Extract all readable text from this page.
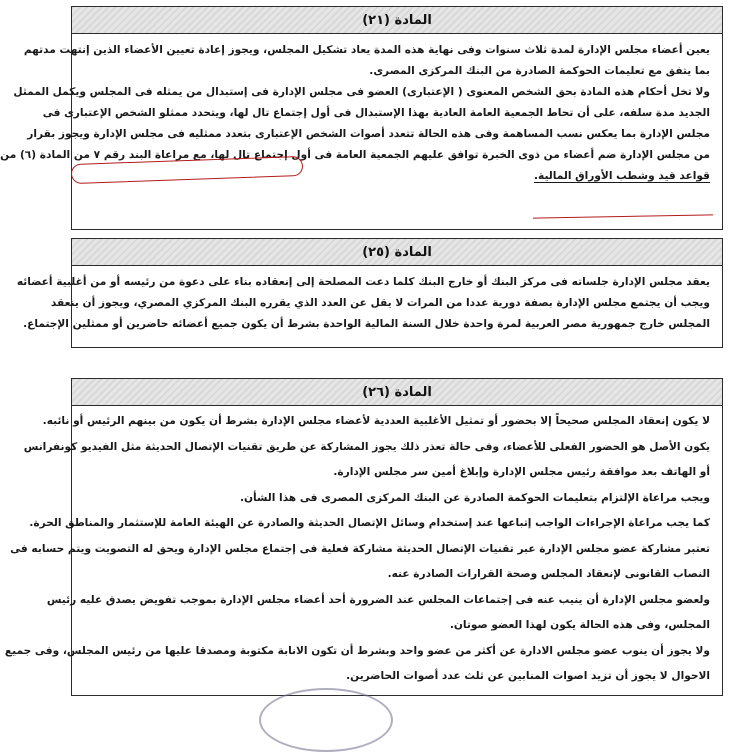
المادة (٢١)
يعين أعضاء مجلس الإدارة لمدة ثلاث سنوات وفى نهاية هذه المدة يعاد تشكيل المجلس، ويجوز إعادة تعيين الأعضاء الذين إنتهت مدتهم
بما يتفق مع تعليمات الحوكمة الصادرة من البنك المركزى المصرى.
ولا تخل أحكام هذه المادة بحق الشخص المعنوى ( الإعتبارى) العضو فى مجلس الإدارة فى إستبدال من يمثله فى المجلس ويكمل الممثل
الجديد مدة سلفه، على أن تحاط الجمعية العامة العادية بهذا الإستبدال فى أول إجتماع تال لها، ويتحدد ممثلو الشخص الإعتبارى فى
مجلس الإدارة بما يعكس نسب المساهمة وفى هذه الحالة تتعدد أصوات الشخص الإعتبارى بتعدد ممثليه فى مجلس الإدارة ويجوز بقرار
من مجلس الإدارة ضم أعضاء من ذوى الخبرة توافق عليهم الجمعية العامة فى أول إجتماع تال لها، مع مراعاة البند رقم ٧ من المادة (٦) من
قواعد قيد وشطب الأوراق المالية.
المادة (٢٥)
يعقد مجلس الإدارة جلساته فى مركز البنك أو خارج البنك كلما دعت المصلحة إلى إنعقاده بناء على دعوة من رئيسه أو من أغلبية أعضائه
ويجب أن يجتمع مجلس الإدارة بصفة دورية عددا من المرات لا يقل عن العدد الذي يقرره البنك المركزي المصري، ويجوز أن ينعقد
المجلس خارج جمهورية مصر العربية لمرة واحدة خلال السنة المالية الواحدة بشرط أن يكون جميع أعضائه حاضرين أو ممثلين الإجتماع.
المادة (٢٦)
لا يكون إنعقاد المجلس صحيحاً إلا بحضور أو تمثيل الأغلبية العددية لأعضاء مجلس الإدارة بشرط أن يكون من بينهم الرئيس أو نائبه.
يكون الأصل هو الحضور الفعلى للأعضاء، وفى حالة تعذر ذلك يجوز المشاركة عن طريق تقنيات الإتصال الحديثة مثل الفيديو كونفرانس
أو الهاتف بعد موافقة رئيس مجلس الإدارة وإبلاغ أمين سر مجلس الإدارة.
ويجب مراعاة الإلتزام بتعليمات الحوكمة الصادرة عن البنك المركزى المصرى فى هذا الشأن.
كما يجب مراعاة الإجراءات الواجب إتباعها عند إستخدام وسائل الإتصال الحديثة والصادرة عن الهيئة العامة للإستثمار والمناطق الحرة.
تعتبر مشاركة عضو مجلس الإدارة عبر تقنيات الإتصال الحديثة مشاركة فعلية فى إجتماع مجلس الإدارة ويحق له التصويت ويتم حسابه فى
النصاب القانونى لإنعقاد المجلس وصحة القرارات الصادرة عنه.
ولعضو مجلس الإدارة أن ينيب عنه فى إجتماعات المجلس عند الضرورة أحد أعضاء مجلس الإدارة بموجب تفويض يصدق عليه رئيس
المجلس، وفى هذه الحالة يكون لهذا العضو صوتان.
ولا يجوز أن ينوب عضو مجلس الادارة عن أكثر من عضو واحد وبشرط أن تكون الانابة مكتوبة ومصدقا عليها من رئيس المجلس، وفى جميع
الاحوال لا يجوز أن تزيد اصوات المنابين عن ثلث عدد أصوات الحاضرين.
